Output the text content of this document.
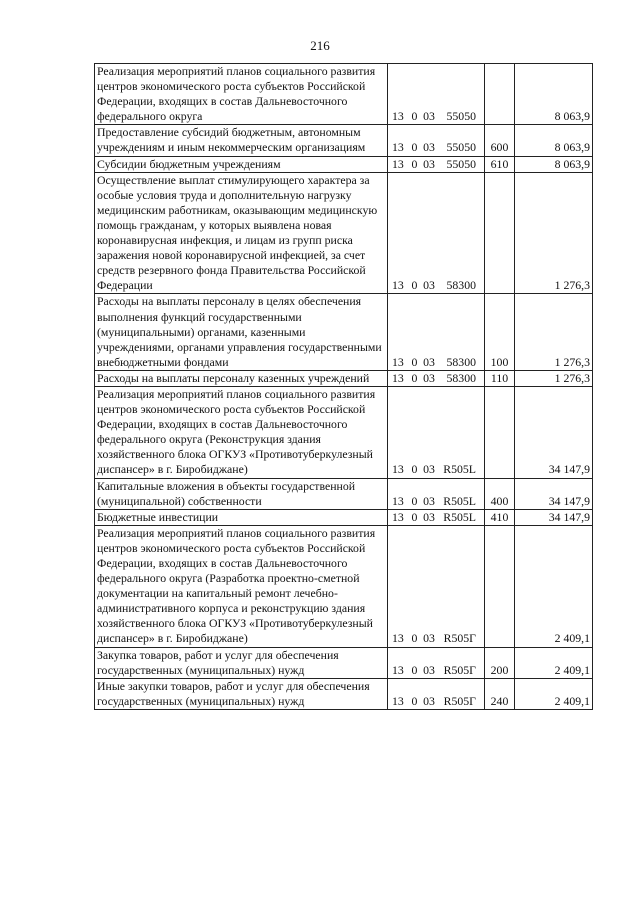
216
Реализация мероприятий планов социального развития центров экономического роста субъектов Российской Федерации, входящих в состав Дальневосточного федерального округа	13 0 03 55050		8 063,9
Предоставление субсидий бюджетным, автономным учреждениям и иным некоммерческим организациям	13 0 03 55050	600	8 063,9
Субсидии бюджетным учреждениям	13 0 03 55050	610	8 063,9
Осуществление выплат стимулирующего характера за особые условия труда и дополнительную нагрузку медицинским работникам, оказывающим медицинскую помощь гражданам, у которых выявлена новая коронавирусная инфекция, и лицам из групп риска заражения новой коронавирусной инфекцией, за счет средств резервного фонда Правительства Российской Федерации	13 0 03 58300		1 276,3
Расходы на выплаты персоналу в целях обеспечения выполнения функций государственными (муниципальными) органами, казенными учреждениями, органами управления государственными внебюджетными фондами	13 0 03 58300	100	1 276,3
Расходы на выплаты персоналу казенных учреждений	13 0 03 58300	110	1 276,3
Реализация мероприятий планов социального развития центров экономического роста субъектов Российской Федерации, входящих в состав Дальневосточного федерального округа (Реконструкция здания хозяйственного блока ОГКУЗ «Противотуберкулезный диспансер» в г. Биробиджане)	13 0 03 R505L		34 147,9
Капитальные вложения в объекты государственной (муниципальной) собственности	13 0 03 R505L	400	34 147,9
Бюджетные инвестиции	13 0 03 R505L	410	34 147,9
Реализация мероприятий планов социального развития центров экономического роста субъектов Российской Федерации, входящих в состав Дальневосточного федерального округа (Разработка проектно-сметной документации на капитальный ремонт лечебно-административного корпуса и реконструкцию здания хозяйственного блока ОГКУЗ «Противотуберкулезный диспансер» в г. Биробиджане)	13 0 03 R505Г		2 409,1
Закупка товаров, работ и услуг для обеспечения государственных (муниципальных) нужд	13 0 03 R505Г	200	2 409,1
Иные закупки товаров, работ и услуг для обеспечения государственных (муниципальных) нужд	13 0 03 R505Г	240	2 409,1
